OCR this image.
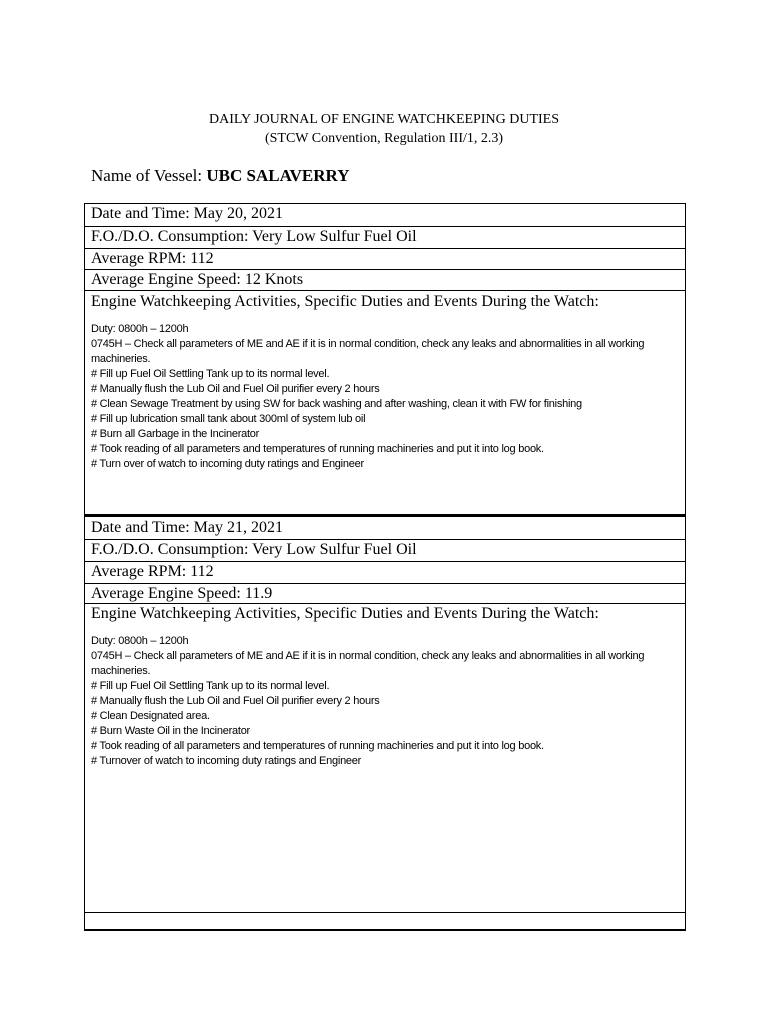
DAILY JOURNAL OF ENGINE WATCHKEEPING DUTIES
(STCW Convention, Regulation III/1, 2.3)
Name of Vessel: UBC SALAVERRY
Date and Time: May 20, 2021
F.O./D.O. Consumption: Very Low Sulfur Fuel Oil
Average RPM: 112
Average Engine Speed: 12 Knots
Engine Watchkeeping Activities, Specific Duties and Events During the Watch:
Duty: 0800h – 1200h
0745H – Check all parameters of ME and AE if it is in normal condition, check any leaks and abnormalities in all working machineries.
# Fill up Fuel Oil Settling Tank up to its normal level.
# Manually flush the Lub Oil and Fuel Oil purifier every 2 hours
# Clean Sewage Treatment by using SW for back washing and after washing, clean it with FW for finishing
# Fill up lubrication small tank about 300ml of system lub oil
# Burn all Garbage in the Incinerator
# Took reading of all parameters and temperatures of running machineries and put it into log book.
# Turn over of watch to incoming duty ratings and Engineer
Date and Time: May 21, 2021
F.O./D.O. Consumption: Very Low Sulfur Fuel Oil
Average RPM: 112
Average Engine Speed: 11.9
Engine Watchkeeping Activities, Specific Duties and Events During the Watch:
Duty: 0800h – 1200h
0745H – Check all parameters of ME and AE if it is in normal condition, check any leaks and abnormalities in all working machineries.
# Fill up Fuel Oil Settling Tank up to its normal level.
# Manually flush the Lub Oil and Fuel Oil purifier every 2 hours
# Clean Designated area.
# Burn Waste Oil in the Incinerator
# Took reading of all parameters and temperatures of running machineries and put it into log book.
# Turnover of watch to incoming duty ratings and Engineer
